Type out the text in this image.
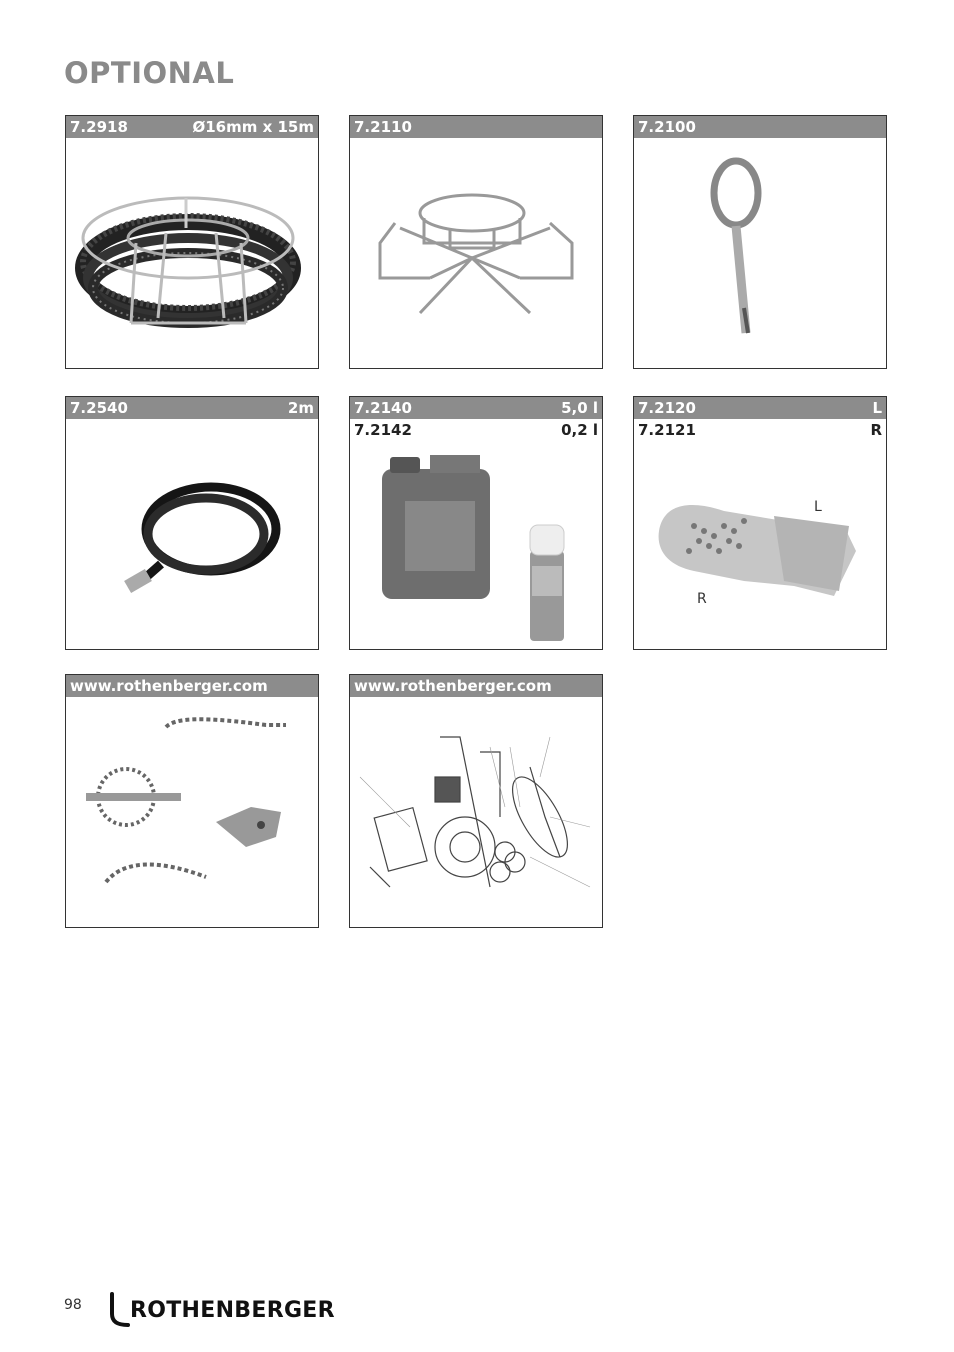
OPTIONAL
7.2918	Ø16mm x 15m	7.2110	7.2100
7.2540	2m	7.2140	5,0 l
7.2142	0,2 l
7.2120	L
7.2121	R
L
R
www.rothenberger.com	www.rothenberger.com
98 ROTHENBERGER
